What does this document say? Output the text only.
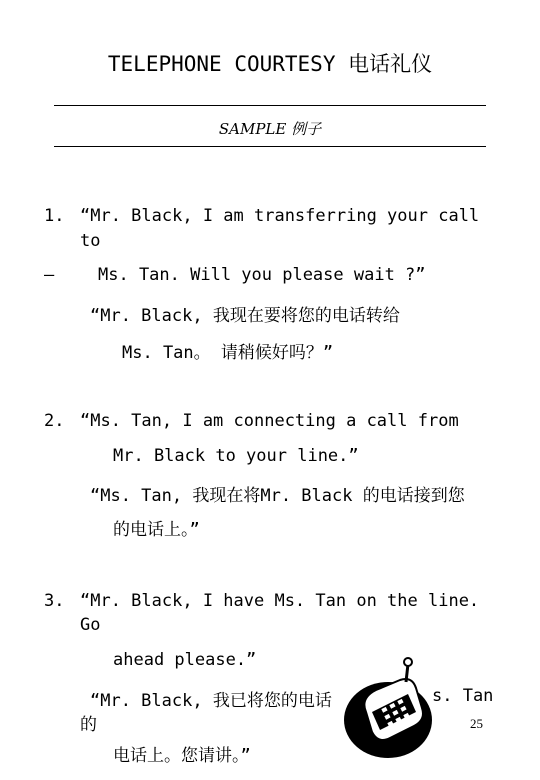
TELEPHONE COURTESY 电话礼仪
SAMPLE 例子
1. “Mr. Black, I am transferring your call
to
–	Ms. Tan. Will you please wait ?”
“Mr. Black, 我现在要将您的电话转给
Ms. Tan。 请稍候好吗？”
2. “Ms. Tan, I am connecting a call from
Mr. Black to your line.”
“Ms. Tan, 我现在将Mr. Black 的电话接到您
的电话上。”
3. “Mr. Black, I have Ms. Tan on the line.
Go
ahead please.”
“Mr. Black, 我已将您的电话	s. Tan
的
电话上。您请讲。”
25
